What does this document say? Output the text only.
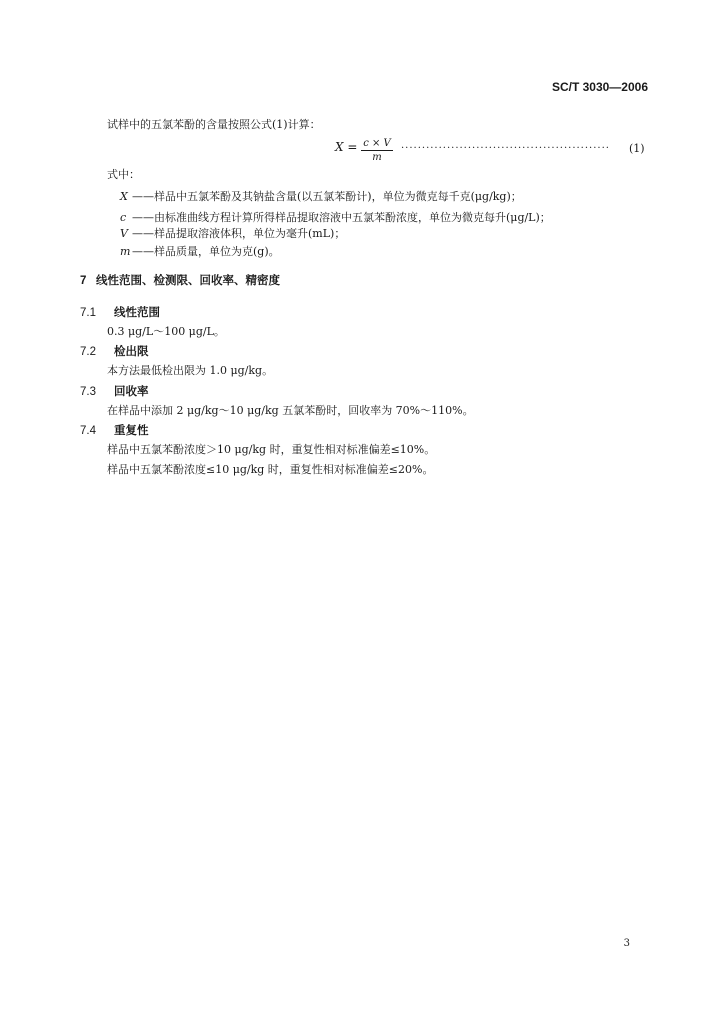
SC/T 3030—2006
试样中的五氯苯酚的含量按照公式(1)计算：
$X = \frac{c \times V}{m}$ ..................................................	(1)
式中：
X ——样品中五氯苯酚及其钠盐含量(以五氯苯酚计)，单位为微克每千克(μg/kg)；
c ——由标准曲线方程计算所得样品提取溶液中五氯苯酚浓度，单位为微克每升(μg/L)；
V ——样品提取溶液体积，单位为毫升(mL)；
m ——样品质量，单位为克(g)。
7 线性范围、检测限、回收率、精密度
7.1 线性范围
0.3 μg/L～100 μg/L。
7.2 检出限
本方法最低检出限为 1.0 μg/kg。
7.3 回收率
在样品中添加 2 μg/kg～10 μg/kg 五氯苯酚时，回收率为 70%～110%。
7.4 重复性
样品中五氯苯酚浓度＞10 μg/kg 时，重复性相对标准偏差≤10%。
样品中五氯苯酚浓度≤10 μg/kg 时，重复性相对标准偏差≤20%。
3
